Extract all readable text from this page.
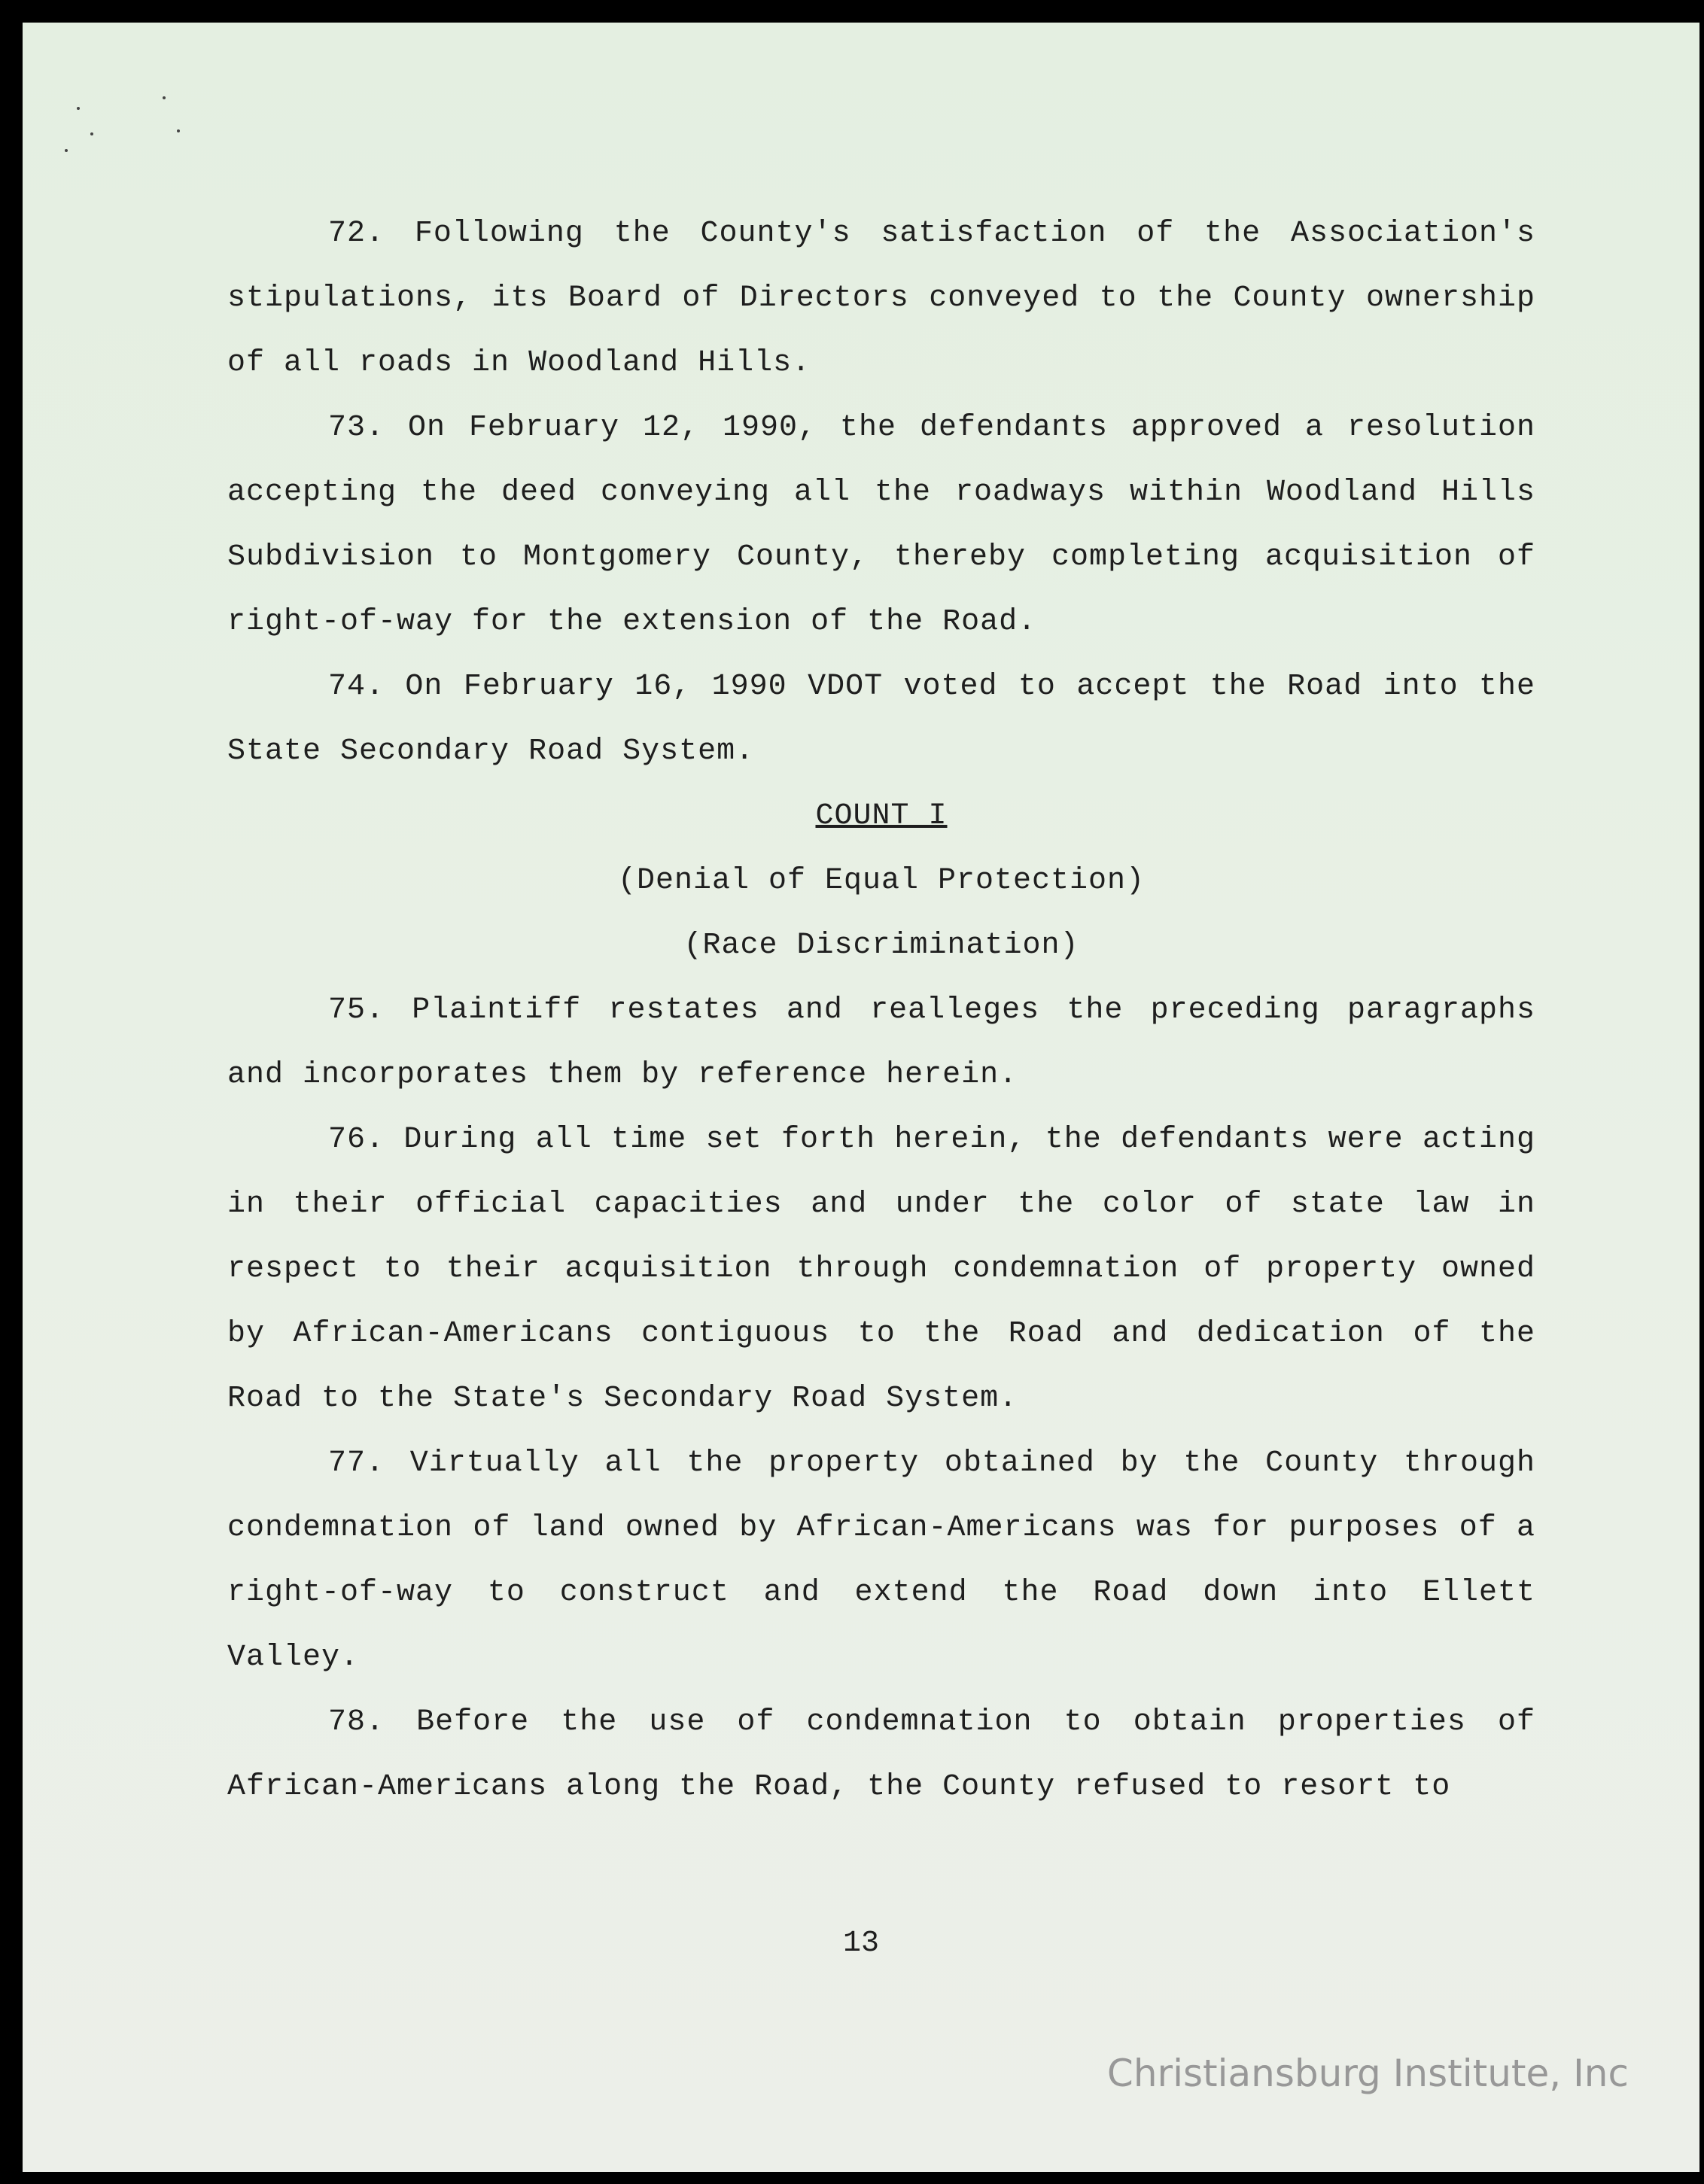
72. Following the County's satisfaction of the Association's stipulations, its Board of Directors conveyed to the County ownership of all roads in Woodland Hills.

73. On February 12, 1990, the defendants approved a resolution accepting the deed conveying all the roadways within Woodland Hills Subdivision to Montgomery County, thereby completing acquisition of right-of-way for the extension of the Road.

74. On February 16, 1990 VDOT voted to accept the Road into the State Secondary Road System.

COUNT I

(Denial of Equal Protection)

(Race Discrimination)

75. Plaintiff restates and realleges the preceding paragraphs and incorporates them by reference herein.

76. During all time set forth herein, the defendants were acting in their official capacities and under the color of state law in respect to their acquisition through condemnation of property owned by African-Americans contiguous to the Road and dedication of the Road to the State's Secondary Road System.

77. Virtually all the property obtained by the County through condemnation of land owned by African-Americans was for purposes of a right-of-way to construct and extend the Road down into Ellett Valley.

78. Before the use of condemnation to obtain properties of African-Americans along the Road, the County refused to resort to

13
Christiansburg Institute, Inc
